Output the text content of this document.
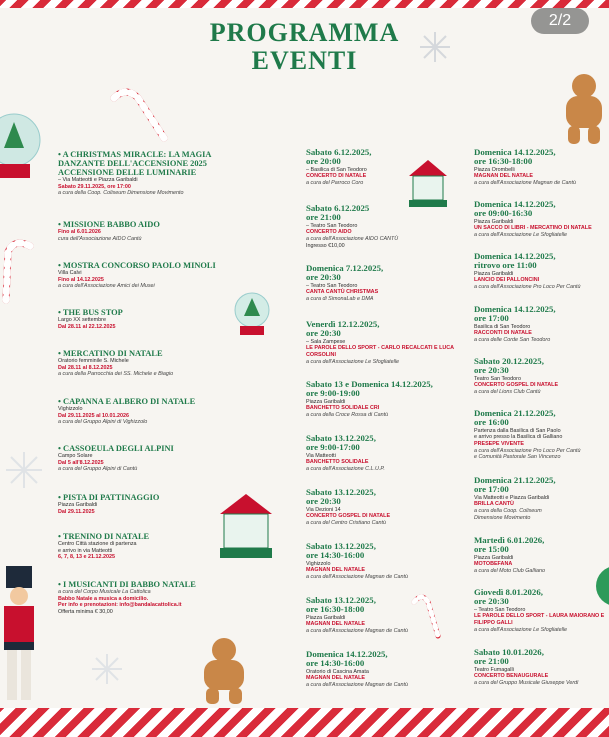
PROGRAMMA
EVENTI
2/2
• A CHRISTMAS MIRACLE: LA MAGIA DANZANTE DELL'ACCENSIONE 2025 ACCENSIONE DELLE LUMINARIE
– Via Matteotti e Piazza Garibaldi
Sabato 29.11.2025, ore 17:00
a cura della Coop. Coliseum Dimensione Movimento
• MISSIONE BABBO AIDO
Fino al 6.01.2026
cura dell'Associazione AIDO Cantù
• MOSTRA CONCORSO PAOLO MINOLI
Villa Calvi
Fino al 14.12.2025
a cura dell'Associazione Amici dei Musei
• THE BUS STOP
Largo XX settembre
Dal 28.11 al 22.12.2025
• MERCATINO DI NATALE
Oratorio femminile S. Michele
Dal 28.11 al 8.12.2025
a cura della Parrocchia dei SS. Michele e Biagio
• CAPANNA E ALBERO DI NATALE
Vighizzolo
Dal 29.11.2025 al 10.01.2026
a cura del Gruppo Alpini di Vighizzolo
• CASSOEULA DEGLI ALPINI
Campo Solare
Dal 5 all'8.12.2025
a cura del Gruppo Alpini di Cantù
• PISTA DI PATTINAGGIO
Piazza Garibaldi
Dal 29.11.2025
• TRENINO DI NATALE
Centro Città stazione di partenza
e arrivo in via Matteotti
6, 7, 8, 13 e 21.12.2025
• I MUSICANTI DI BABBO NATALE
a cura del Corpo Musicale La Cattolica
Babbo Natale a musica a domicilio.
Per info e prenotazioni: info@bandalacattolica.it
Offerta minima € 30,00
Sabato 6.12.2025,
ore 20:00
– Basilica di San Teodoro
CONCERTO DI NATALE
a cura del Parroco Coro
Sabato 6.12.2025
ore 21:00
– Teatro San Teodoro
CONCERTO AIDO
a cura dell'Associazione AIDO CANTÙ
Ingresso €10,00
Domenica 7.12.2025,
ore 20:30
– Teatro San Teodoro
CANTA CANTÙ CHRISTMAS
a cura di SimonaLab e DMA
Venerdì 12.12.2025,
ore 20:30
– Sala Zampese
LE PAROLE DELLO SPORT - CARLO RECALCATI E LUCA CORSOLINI
a cura dell'Associazione Le Sfogliatelle
Sabato 13 e Domenica 14.12.2025,
ore 9:00-19:00
Piazza Garibaldi
BANCHETTO SOLIDALE CRI
a cura della Croce Rossa di Cantù
Sabato 13.12.2025,
ore 9:00-17:00
Via Matteotti
BANCHETTO SOLIDALE
a cura dell'Associazione C.L.U.P.
Sabato 13.12.2025,
ore 20:30
Via Dezioni 14
CONCERTO GOSPEL DI NATALE
a cura del Centro Cristiano Cantù
Sabato 13.12.2025,
ore 14:30-16:00
Vighizzolo
MAGNAN DEL NATALE
a cura dell'Associazione Magnan de Cantù
Sabato 13.12.2025,
ore 16:30-18:00
Piazza Garibaldi
MAGNAN DEL NATALE
a cura dell'Associazione Magnan de Cantù
Domenica 14.12.2025,
ore 14:30-16:00
Oratorio di Cascina Amata
MAGNAN DEL NATALE
a cura dell'Associazione Magnan de Cantù
Domenica 14.12.2025,
ore 16:30-18:00
Piazza Orombelli
MAGNAN DEL NATALE
a cura dell'Associazione Magnan de Cantù
Domenica 14.12.2025,
ore 09:00-16:30
Piazza Garibaldi
UN SACCO DI LIBRI - MERCATINO DI NATALE
a cura dell'Associazione Le Sfogliatelle
Domenica 14.12.2025,
ritrovo ore 11:00
Piazza Garibaldi
LANCIO DEI PALLONCINI
a cura dell'Associazione Pro Loco Per Cantù
Domenica 14.12.2025,
ore 17:00
Basilica di San Teodoro
RACCONTI DI NATALE
a cura delle Corde San Teodoro
Sabato 20.12.2025,
ore 20:30
Teatro San Teodoro
CONCERTO GOSPEL DI NATALE
a cura del Lions Club Cantù
Domenica 21.12.2025,
ore 16:00
Partenza dalla Basilica di San Paolo
e arrivo presso la Basilica di Galliano
PRESEPE VIVENTE
a cura dell'Associazione Pro Loco Per Cantù
e Comunità Pastorale San Vincenzo
Domenica 21.12.2025,
ore 17:00
Via Matteotti e Piazza Garibaldi
BRILLA CANTÙ
a cura della Coop. Coliseum
Dimensione Movimento
Martedì 6.01.2026,
ore 15:00
Piazza Garibaldi
MOTOBEFANA
a cura del Moto Club Galliano
Giovedì 8.01.2026,
ore 20:30
– Teatro San Teodoro
LE PAROLE DELLO SPORT - LAURA MAIORANO E FILIPPO GALLI
a cura dell'Associazione Le Sfogliatelle
Sabato 10.01.2026,
ore 21:00
Teatro Fumagalli
CONCERTO BENAUGURALE
a cura del Gruppo Musicale Giuseppe Verdi
